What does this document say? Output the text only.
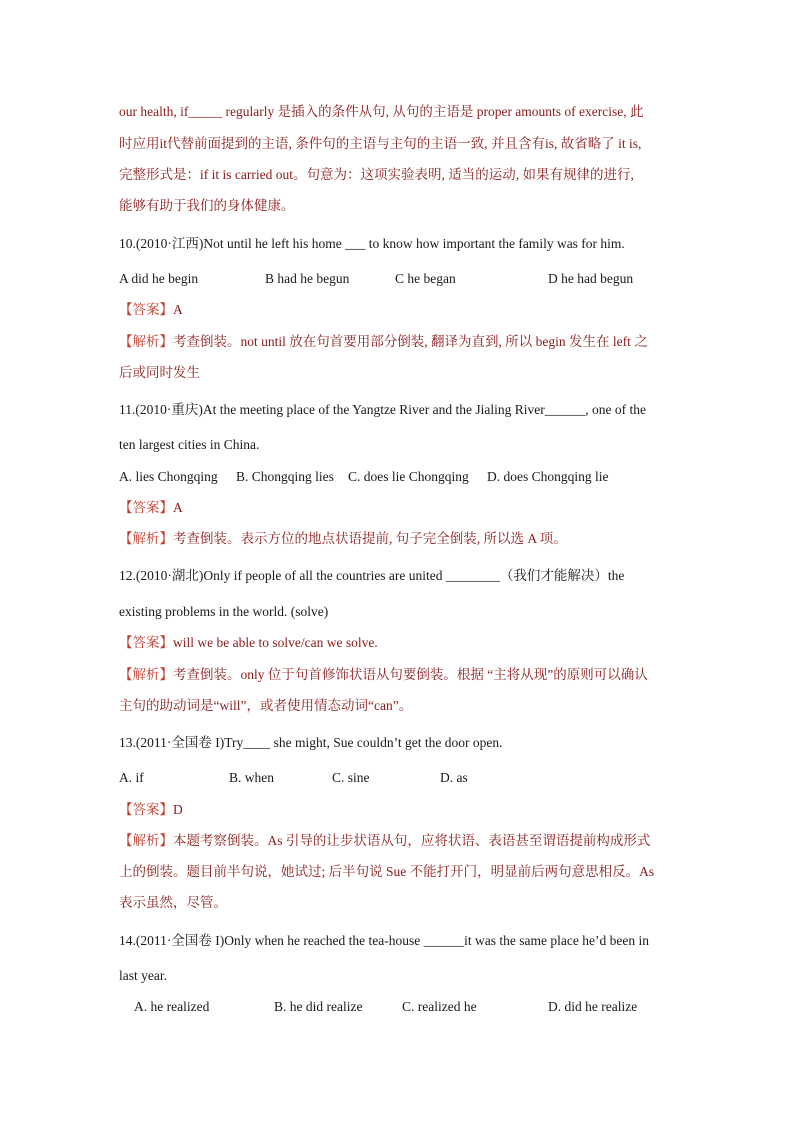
our health, if_____ regularly 是插入的条件从句, 从句的主语是 proper amounts of exercise, 此
时应用it代替前面提到的主语, 条件句的主语与主句的主语一致, 并且含有is, 故省略了 it is,
完整形式是：if it is carried out。句意为：这项实验表明, 适当的运动, 如果有规律的进行,
能够有助于我们的身体健康。
10.(2010·江西)Not until he left his home ___ to know how important the family was for him.
A did he begin	B had he begun	C he began	D he had begun
【答案】A
【解析】考查倒装。not until 放在句首要用部分倒装, 翻译为直到, 所以 begin 发生在 left 之
后或同时发生
11.(2010·重庆)At the meeting place of the Yangtze River and the Jialing River______, one of the
ten largest cities in China.
A. lies Chongqing B. Chongqing lies C. does lie Chongqing D. does Chongqing lie
【答案】A
【解析】考查倒装。表示方位的地点状语提前, 句子完全倒装, 所以选 A 项。
12.(2010·湖北)Only if people of all the countries are united ________（我们才能解决）the
existing problems in the world. (solve)
【答案】will we be able to solve/can we solve.
【解析】考查倒装。only 位于句首修饰状语从句要倒装。根据 “主将从现”的原则可以确认
主句的助动词是“will”，或者使用情态动词“can”。
13.(2011·全国卷 I)Try____ she might, Sue couldn’t get the door open.
A. if	B. when	C. sine	D. as
【答案】D
【解析】本题考察倒装。As 引导的让步状语从句，应将状语、表语甚至谓语提前构成形式
上的倒装。题目前半句说，她试过; 后半句说 Sue 不能打开门，明显前后两句意思相反。As
表示虽然，尽管。
14.(2011·全国卷 I)Only when he reached the tea-house ______it was the same place he’d been in
last year.
A. he realized	B. he did realize	C. realized he	D. did he realize
